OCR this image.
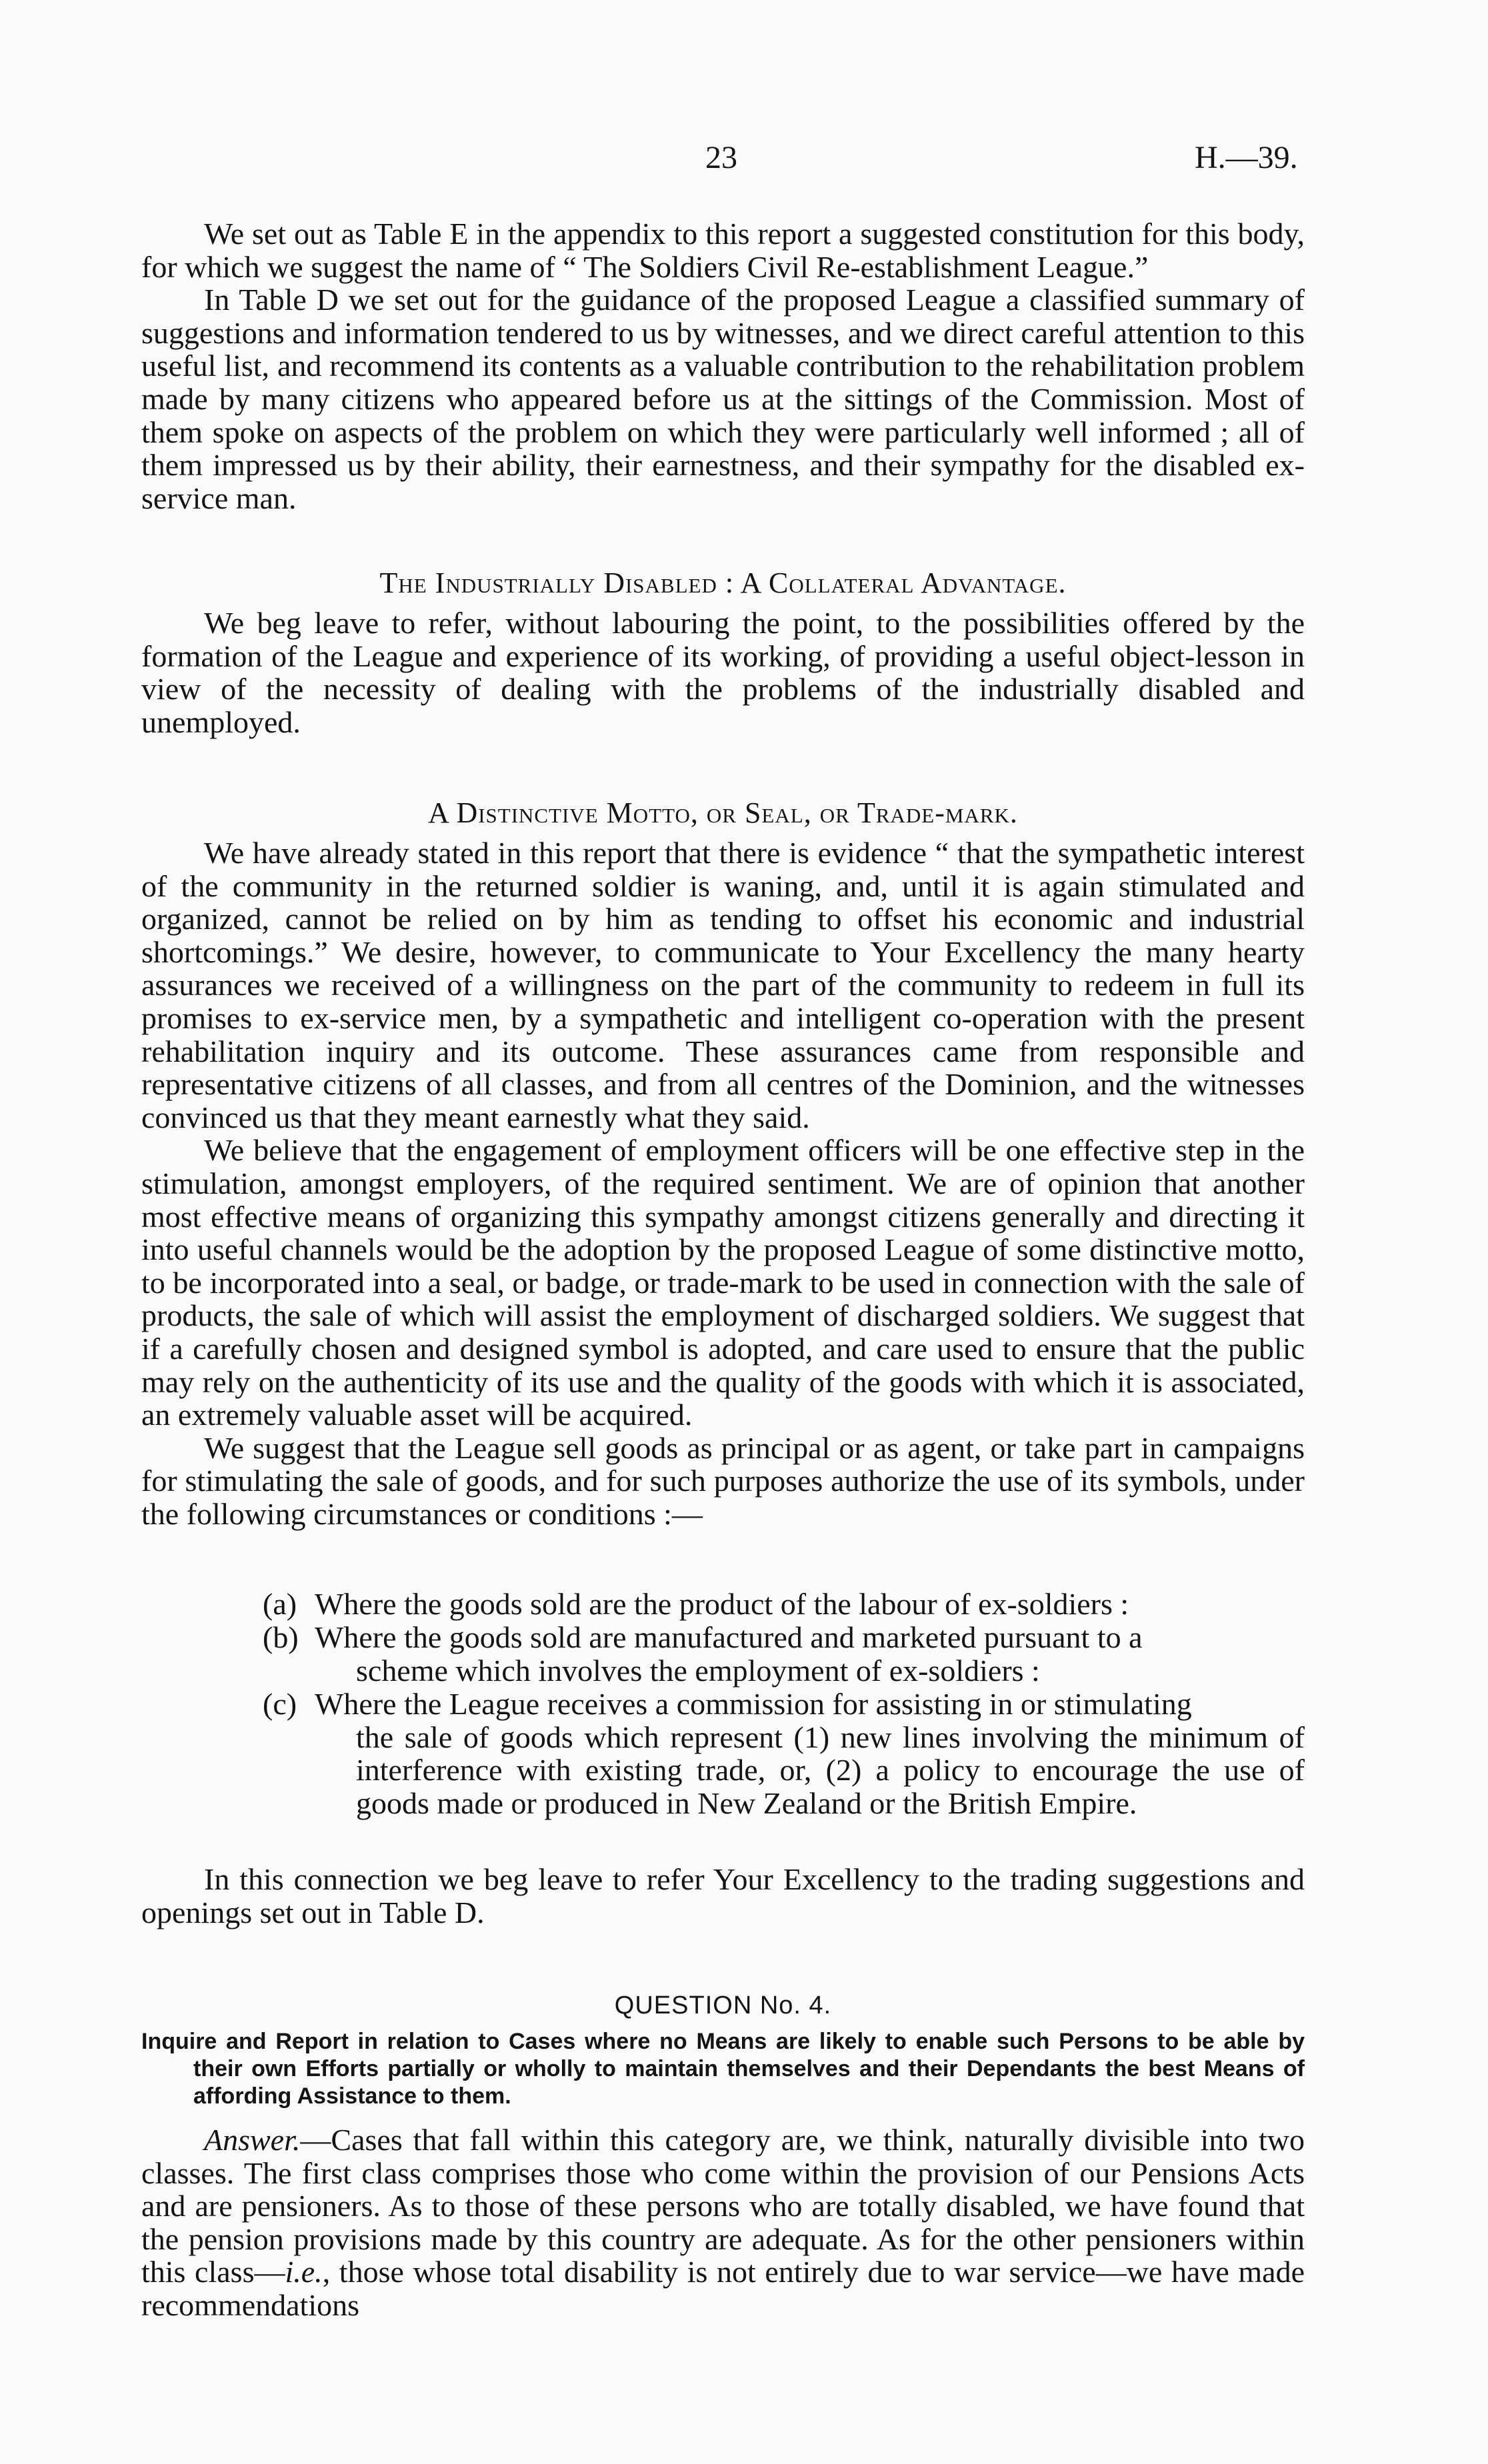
23	H.—39.

We set out as Table E in the appendix to this report a suggested constitution for this body, for which we suggest the name of “ The Soldiers Civil Re-establishment League.”

In Table D we set out for the guidance of the proposed League a classified summary of suggestions and information tendered to us by witnesses, and we direct careful attention to this useful list, and recommend its contents as a valuable contribution to the rehabilitation problem made by many citizens who appeared before us at the sittings of the Commission. Most of them spoke on aspects of the problem on which they were particularly well informed ; all of them impressed us by their ability, their earnestness, and their sympathy for the disabled ex-service man.

The Industrially Disabled : A Collateral Advantage.

We beg leave to refer, without labouring the point, to the possibilities offered by the formation of the League and experience of its working, of providing a useful object-lesson in view of the necessity of dealing with the problems of the industrially disabled and unemployed.

A Distinctive Motto, or Seal, or Trade-mark.

We have already stated in this report that there is evidence “ that the sympathetic interest of the community in the returned soldier is waning, and, until it is again stimulated and organized, cannot be relied on by him as tending to offset his economic and industrial shortcomings.” We desire, however, to communicate to Your Excellency the many hearty assurances we received of a willingness on the part of the community to redeem in full its promises to ex-service men, by a sympathetic and intelligent co-operation with the present rehabilitation inquiry and its outcome. These assurances came from responsible and representative citizens of all classes, and from all centres of the Dominion, and the witnesses convinced us that they meant earnestly what they said.

We believe that the engagement of employment officers will be one effective step in the stimulation, amongst employers, of the required sentiment. We are of opinion that another most effective means of organizing this sympathy amongst citizens generally and directing it into useful channels would be the adoption by the proposed League of some distinctive motto, to be incorporated into a seal, or badge, or trade-mark to be used in connection with the sale of products, the sale of which will assist the employment of discharged soldiers. We suggest that if a carefully chosen and designed symbol is adopted, and care used to ensure that the public may rely on the authenticity of its use and the quality of the goods with which it is associated, an extremely valuable asset will be acquired.

We suggest that the League sell goods as principal or as agent, or take part in campaigns for stimulating the sale of goods, and for such purposes authorize the use of its symbols, under the following circumstances or conditions :—

(a) Where the goods sold are the product of the labour of ex-soldiers :
(b) Where the goods sold are manufactured and marketed pursuant to a
scheme which involves the employment of ex-soldiers :
(c) Where the League receives a commission for assisting in or stimulating
the sale of goods which represent (1) new lines involving the minimum of interference with existing trade, or, (2) a policy to encourage the use of goods made or produced in New Zealand or the British Empire.

In this connection we beg leave to refer Your Excellency to the trading suggestions and openings set out in Table D.

QUESTION No. 4.
Inquire and Report in relation to Cases where no Means are likely to enable such Persons to be able by their own Efforts partially or wholly to maintain themselves and their Dependants the best Means of affording Assistance to them.

Answer.—Cases that fall within this category are, we think, naturally divisible into two classes. The first class comprises those who come within the provision of our Pensions Acts and are pensioners. As to those of these persons who are totally disabled, we have found that the pension provisions made by this country are adequate. As for the other pensioners within this class—i.e., those whose total disability is not entirely due to war service—we have made recommendations
